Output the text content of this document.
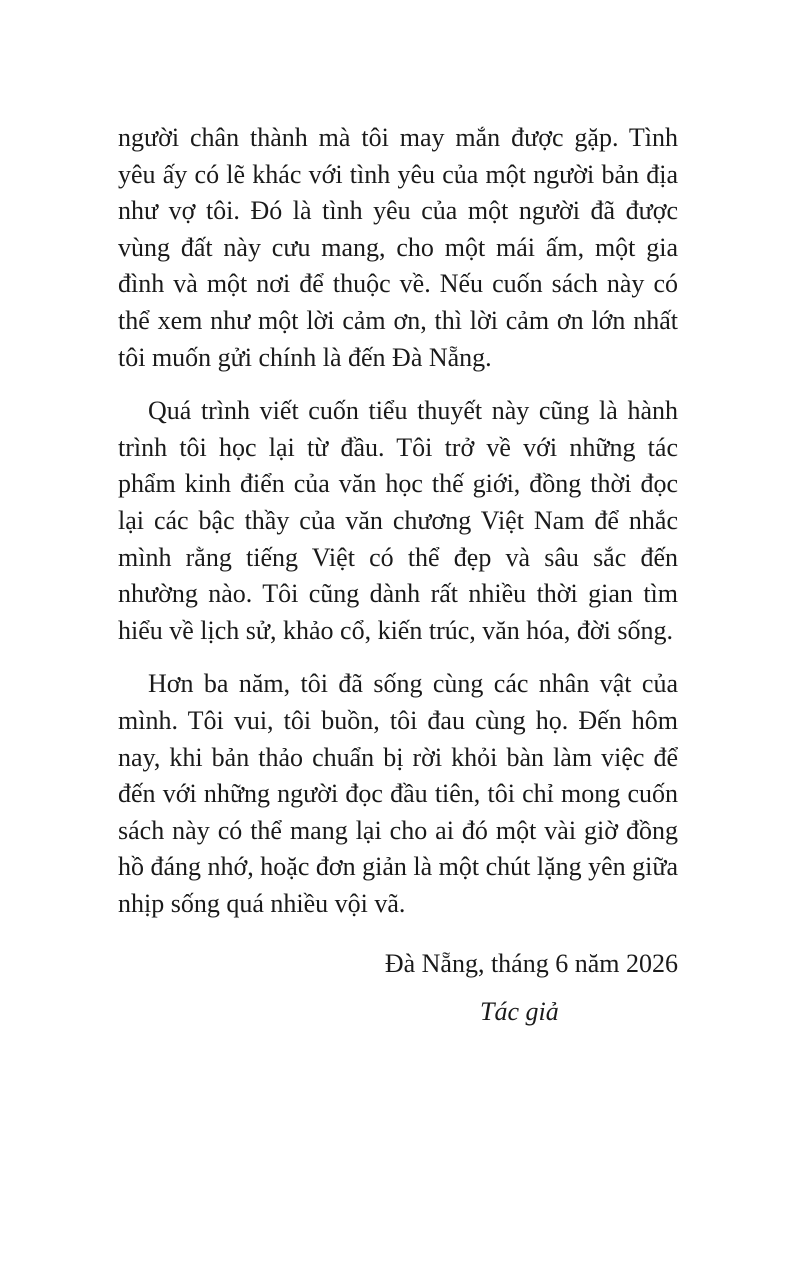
người chân thành mà tôi may mắn được gặp. Tình yêu ấy có lẽ khác với tình yêu của một người bản địa như vợ tôi. Đó là tình yêu của một người đã được vùng đất này cưu mang, cho một mái ấm, một gia đình và một nơi để thuộc về. Nếu cuốn sách này có thể xem như một lời cảm ơn, thì lời cảm ơn lớn nhất tôi muốn gửi chính là đến Đà Nẵng.

Quá trình viết cuốn tiểu thuyết này cũng là hành trình tôi học lại từ đầu. Tôi trở về với những tác phẩm kinh điển của văn học thế giới, đồng thời đọc lại các bậc thầy của văn chương Việt Nam để nhắc mình rằng tiếng Việt có thể đẹp và sâu sắc đến nhường nào. Tôi cũng dành rất nhiều thời gian tìm hiểu về lịch sử, khảo cổ, kiến trúc, văn hóa, đời sống.

Hơn ba năm, tôi đã sống cùng các nhân vật của mình. Tôi vui, tôi buồn, tôi đau cùng họ. Đến hôm nay, khi bản thảo chuẩn bị rời khỏi bàn làm việc để đến với những người đọc đầu tiên, tôi chỉ mong cuốn sách này có thể mang lại cho ai đó một vài giờ đồng hồ đáng nhớ, hoặc đơn giản là một chút lặng yên giữa nhịp sống quá nhiều vội vã.

Đà Nẵng, tháng 6 năm 2026

Tác giả
